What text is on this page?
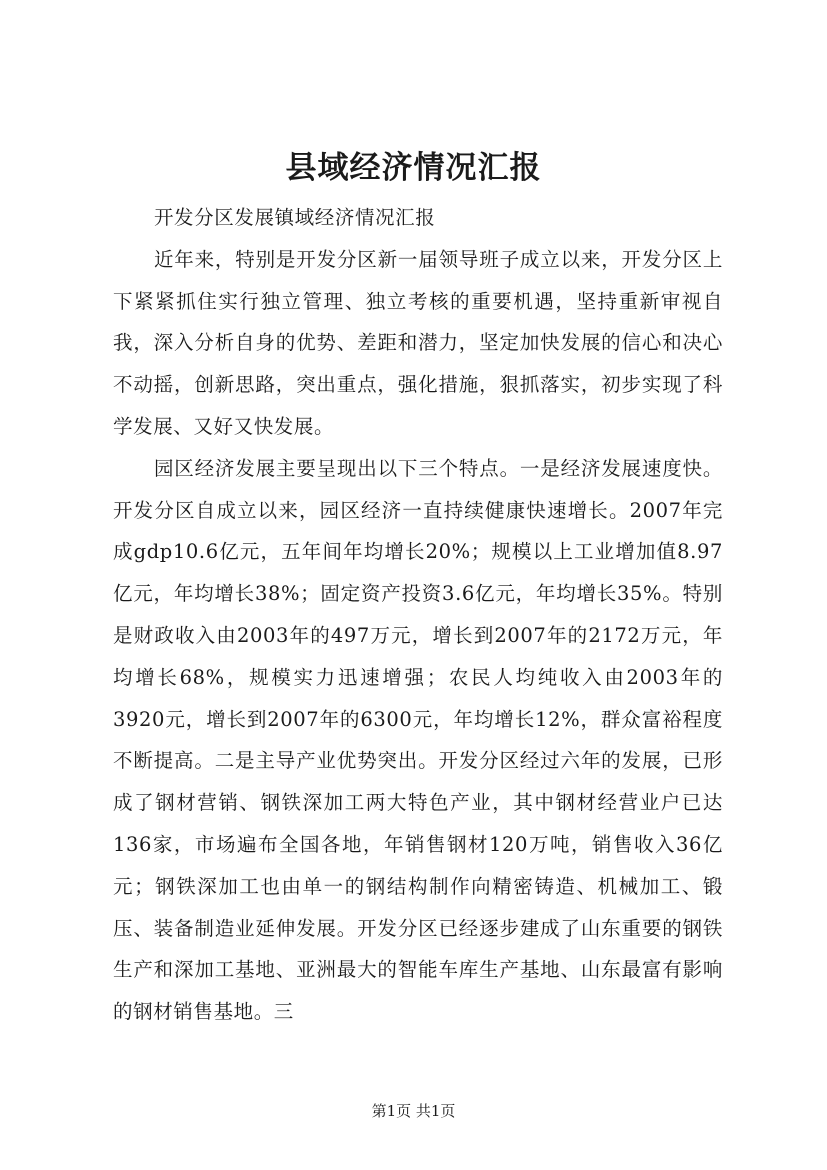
县域经济情况汇报

开发分区发展镇域经济情况汇报

近年来，特别是开发分区新一届领导班子成立以来，开发分区上下紧紧抓住实行独立管理、独立考核的重要机遇，坚持重新审视自我，深入分析自身的优势、差距和潜力，坚定加快发展的信心和决心不动摇，创新思路，突出重点，强化措施，狠抓落实，初步实现了科学发展、又好又快发展。

园区经济发展主要呈现出以下三个特点。一是经济发展速度快。开发分区自成立以来，园区经济一直持续健康快速增长。2007年完成gdp10.6亿元，五年间年均增长20%；规模以上工业增加值8.97亿元，年均增长38%；固定资产投资3.6亿元，年均增长35%。特别是财政收入由2003年的497万元，增长到2007年的2172万元，年均增长68%，规模实力迅速增强；农民人均纯收入由2003年的3920元，增长到2007年的6300元，年均增长12%，群众富裕程度不断提高。二是主导产业优势突出。开发分区经过六年的发展，已形成了钢材营销、钢铁深加工两大特色产业，其中钢材经营业户已达136家，市场遍布全国各地，年销售钢材120万吨，销售收入36亿元；钢铁深加工也由单一的钢结构制作向精密铸造、机械加工、锻压、装备制造业延伸发展。开发分区已经逐步建成了山东重要的钢铁生产和深加工基地、亚洲最大的智能车库生产基地、山东最富有影响的钢材销售基地。三

第1页 共1页
